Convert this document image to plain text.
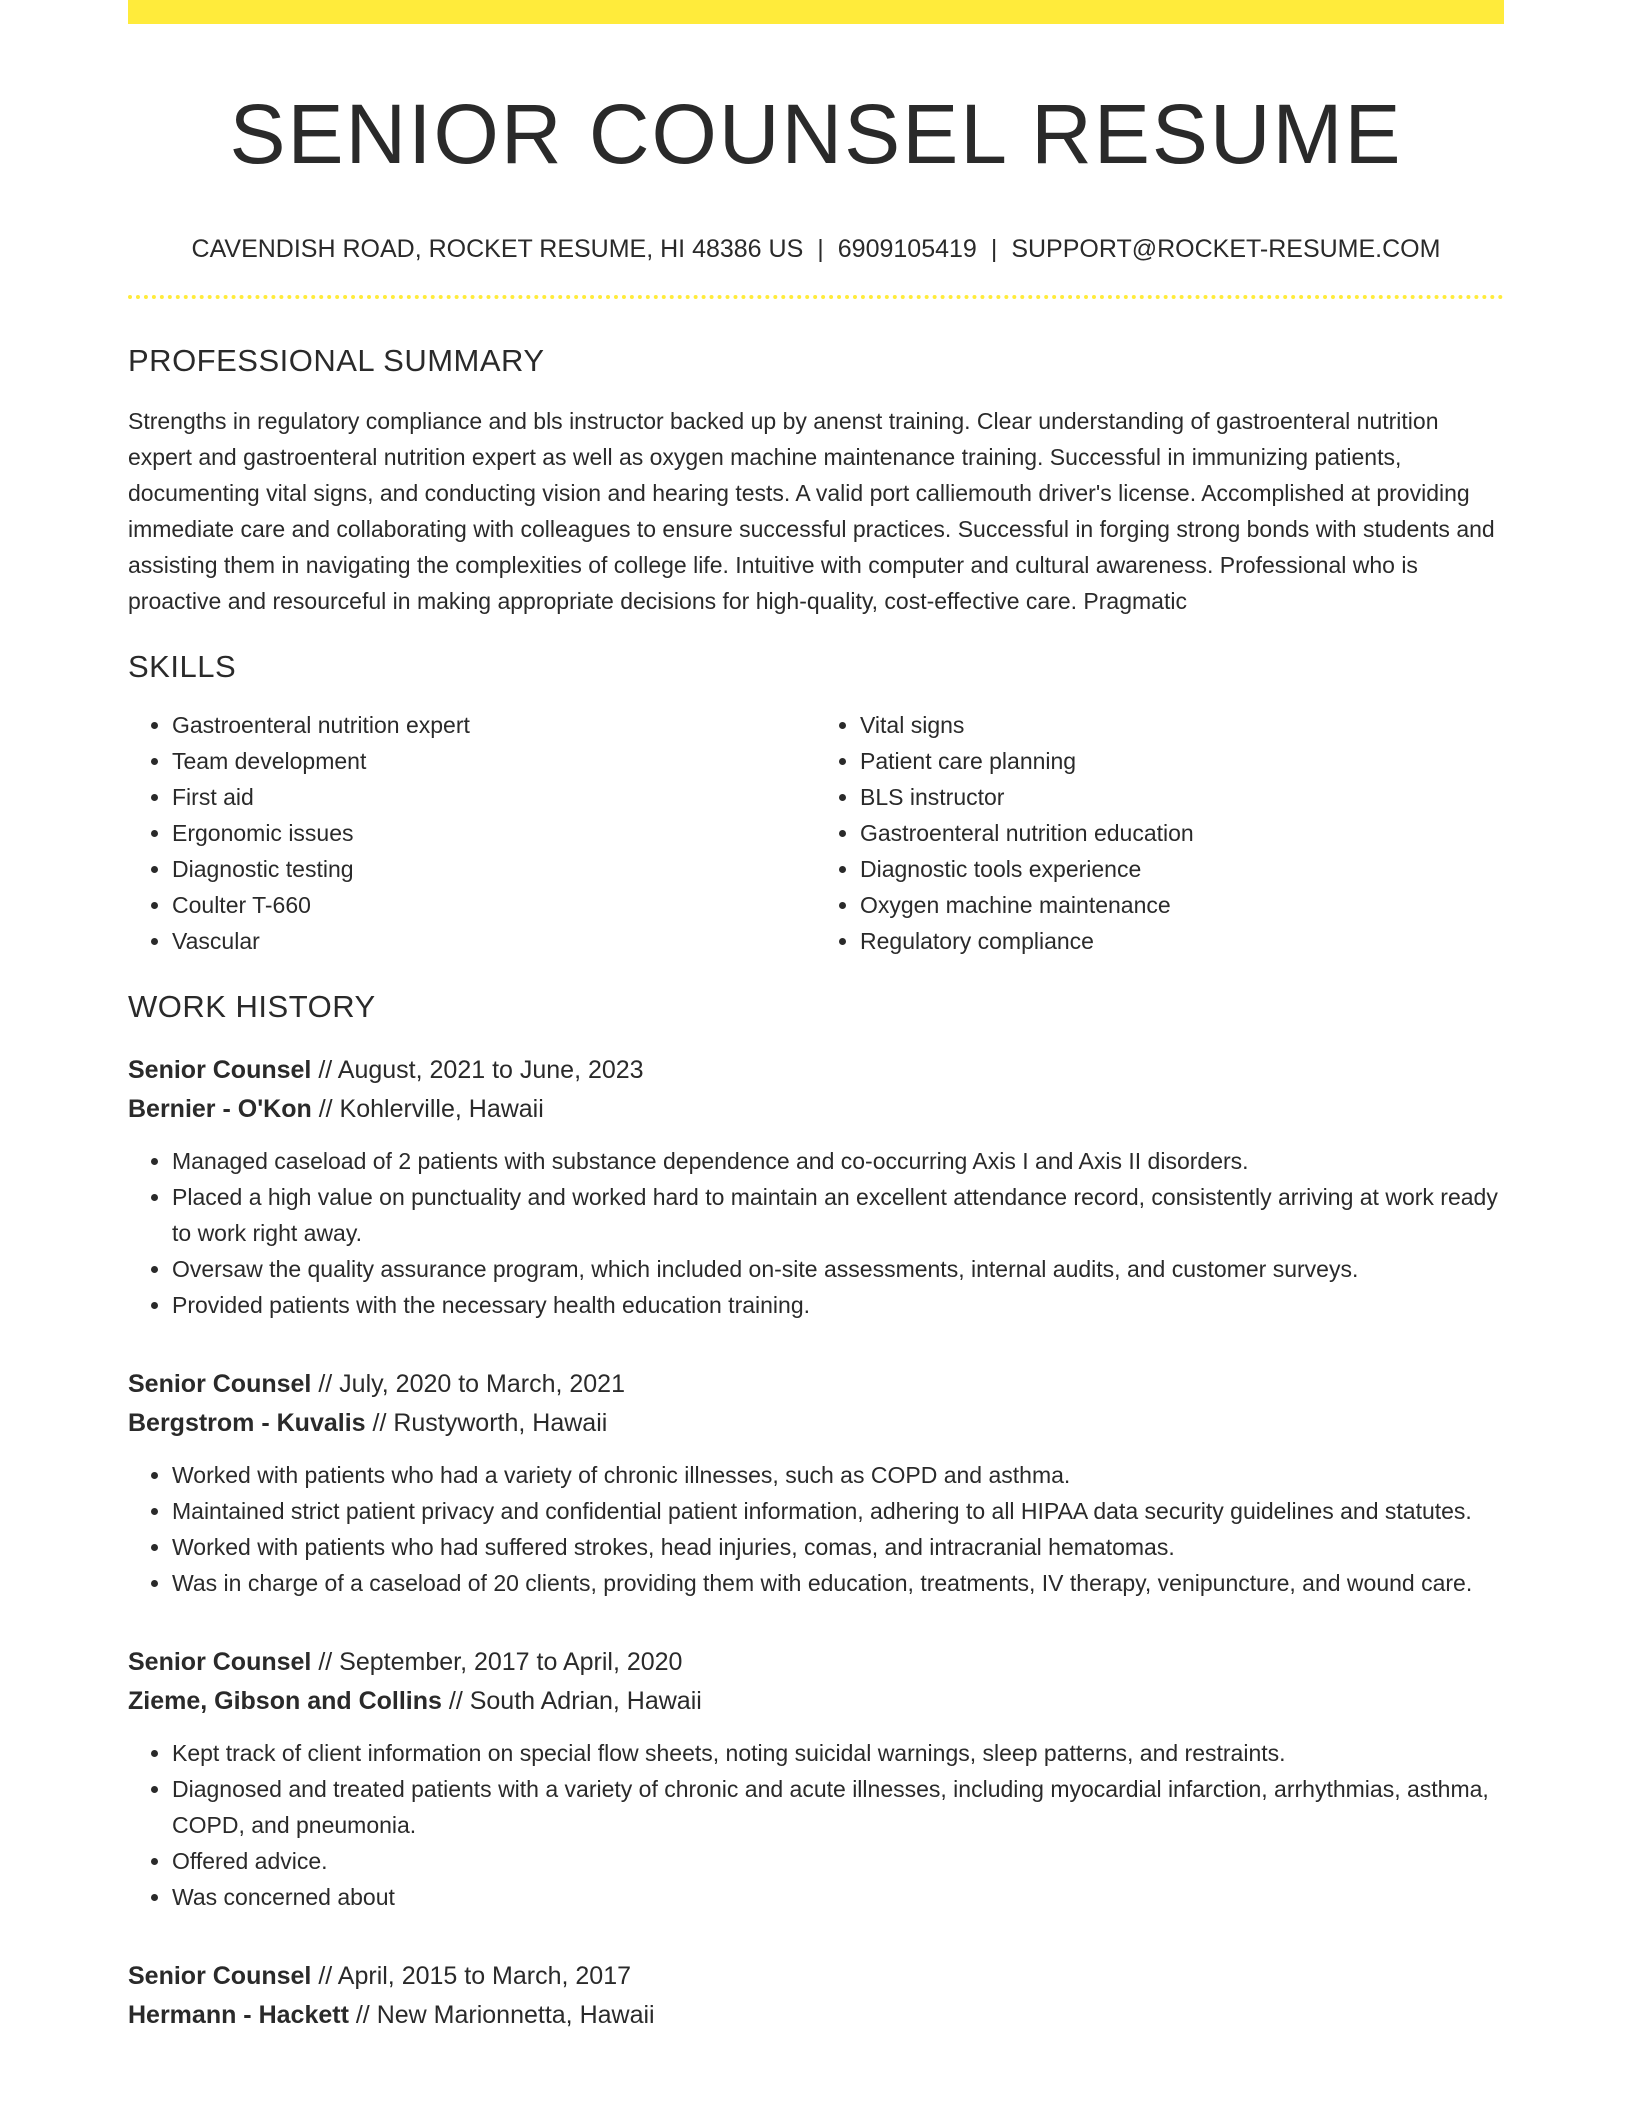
SENIOR COUNSEL RESUME
CAVENDISH ROAD, ROCKET RESUME, HI 48386 US | 6909105419 | SUPPORT@ROCKET-RESUME.COM
PROFESSIONAL SUMMARY

Strengths in regulatory compliance and bls instructor backed up by anenst training. Clear understanding of gastroenteral nutrition expert and gastroenteral nutrition expert as well as oxygen machine maintenance training. Successful in immunizing patients, documenting vital signs, and conducting vision and hearing tests. A valid port calliemouth driver's license. Accomplished at providing immediate care and collaborating with colleagues to ensure successful practices. Successful in forging strong bonds with students and assisting them in navigating the complexities of college life. Intuitive with computer and cultural awareness. Professional who is proactive and resourceful in making appropriate decisions for high-quality, cost-effective care. Pragmatic

SKILLS
• Gastroenteral nutrition expert
• Team development
• First aid
• Ergonomic issues
• Diagnostic testing
• Coulter T-660
• Vascular
• Vital signs
• Patient care planning
• BLS instructor
• Gastroenteral nutrition education
• Diagnostic tools experience
• Oxygen machine maintenance
• Regulatory compliance
WORK HISTORY
Senior Counsel // August, 2021 to June, 2023
Bernier - O'Kon // Kohlerville, Hawaii
• Managed caseload of 2 patients with substance dependence and co-occurring Axis I and Axis II disorders.
• Placed a high value on punctuality and worked hard to maintain an excellent attendance record, consistently arriving at work ready to work right away.
• Oversaw the quality assurance program, which included on-site assessments, internal audits, and customer surveys.
• Provided patients with the necessary health education training.
Senior Counsel // July, 2020 to March, 2021
Bergstrom - Kuvalis // Rustyworth, Hawaii
• Worked with patients who had a variety of chronic illnesses, such as COPD and asthma.
• Maintained strict patient privacy and confidential patient information, adhering to all HIPAA data security guidelines and statutes.
• Worked with patients who had suffered strokes, head injuries, comas, and intracranial hematomas.
• Was in charge of a caseload of 20 clients, providing them with education, treatments, IV therapy, venipuncture, and wound care.
Senior Counsel // September, 2017 to April, 2020
Zieme, Gibson and Collins // South Adrian, Hawaii
• Kept track of client information on special flow sheets, noting suicidal warnings, sleep patterns, and restraints.
• Diagnosed and treated patients with a variety of chronic and acute illnesses, including myocardial infarction, arrhythmias, asthma, COPD, and pneumonia.
• Offered advice.
• Was concerned about
Senior Counsel // April, 2015 to March, 2017
Hermann - Hackett // New Marionnetta, Hawaii
